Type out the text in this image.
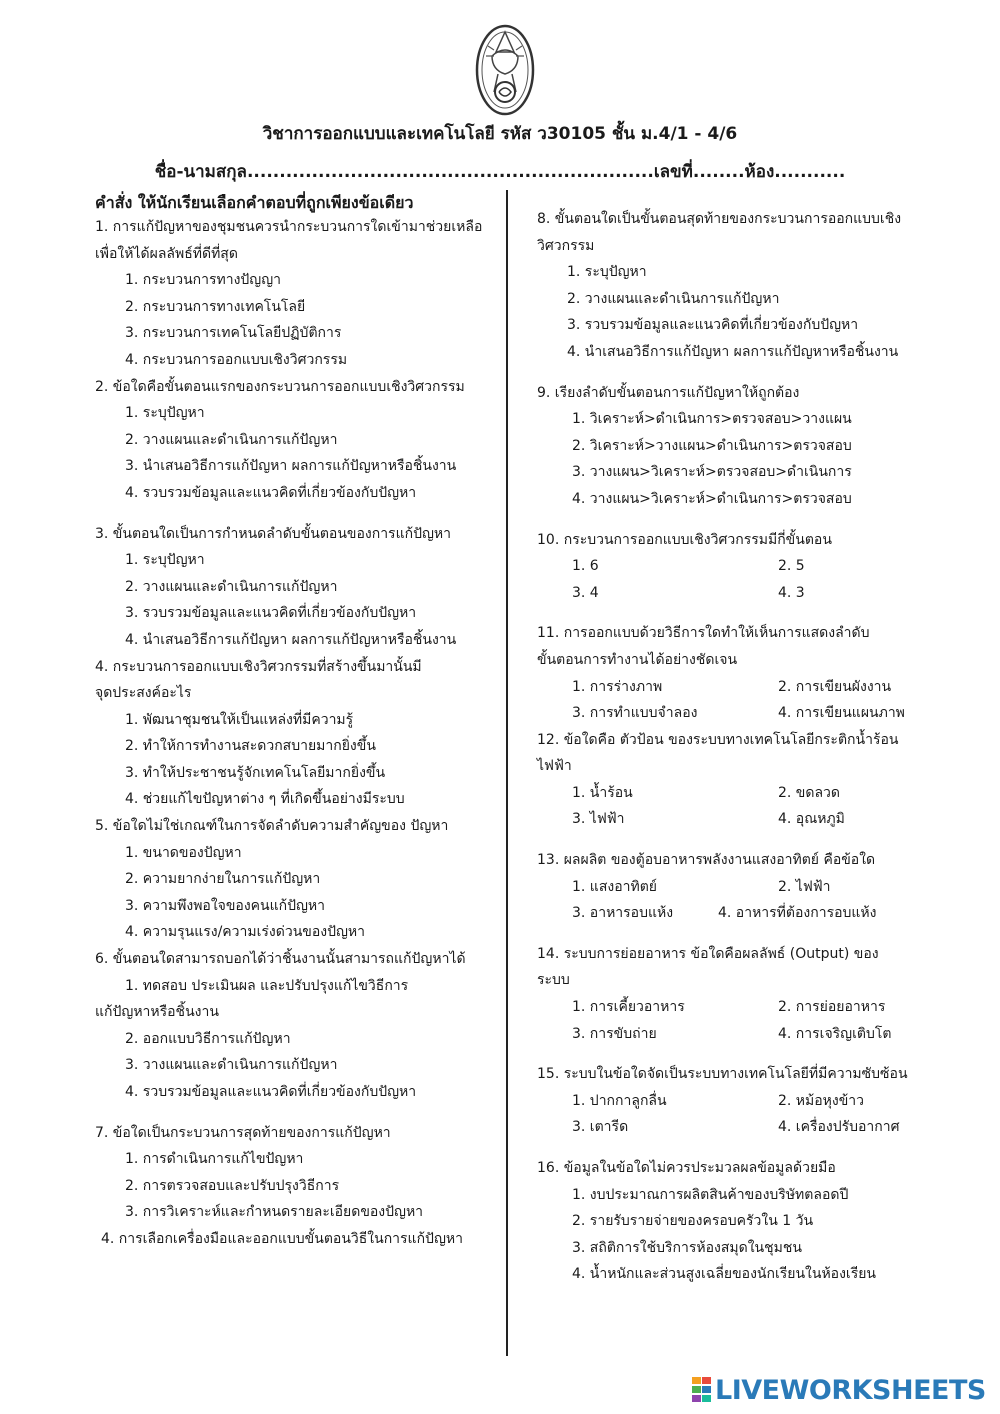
วิชาการออกแบบและเทคโนโลยี รหัส ว30105 ชั้น ม.4/1 - 4/6
ชื่อ-นามสกุล...............................................................เลขที่........ห้อง...........
คำสั่ง ให้นักเรียนเลือกคำตอบที่ถูกเพียงข้อเดียว
1. การแก้ปัญหาของชุมชนควรนำกระบวนการใดเข้ามาช่วยเหลือ
เพื่อให้ได้ผลลัพธ์ที่ดีที่สุด
1. กระบวนการทางปัญญา
2. กระบวนการทางเทคโนโลยี
3. กระบวนการเทคโนโลยีปฏิบัติการ
4. กระบวนการออกแบบเชิงวิศวกรรม
2. ข้อใดคือขั้นตอนแรกของกระบวนการออกแบบเชิงวิศวกรรม
1. ระบุปัญหา
2. วางแผนและดำเนินการแก้ปัญหา
3. นำเสนอวิธีการแก้ปัญหา ผลการแก้ปัญหาหรือชิ้นงาน
4. รวบรวมข้อมูลและแนวคิดที่เกี่ยวข้องกับปัญหา
3. ขั้นตอนใดเป็นการกำหนดลำดับขั้นตอนของการแก้ปัญหา
1. ระบุปัญหา
2. วางแผนและดำเนินการแก้ปัญหา
3. รวบรวมข้อมูลและแนวคิดที่เกี่ยวข้องกับปัญหา
4. นำเสนอวิธีการแก้ปัญหา ผลการแก้ปัญหาหรือชิ้นงาน
4. กระบวนการออกแบบเชิงวิศวกรรมที่สร้างขึ้นมานั้นมี
จุดประสงค์อะไร
1. พัฒนาชุมชนให้เป็นแหล่งที่มีความรู้
2. ทำให้การทำงานสะดวกสบายมากยิ่งขึ้น
3. ทำให้ประชาชนรู้จักเทคโนโลยีมากยิ่งขึ้น
4. ช่วยแก้ไขปัญหาต่าง ๆ ที่เกิดขึ้นอย่างมีระบบ
5. ข้อใดไม่ใช่เกณฑ์ในการจัดลำดับความสำคัญของ ปัญหา
1. ขนาดของปัญหา
2. ความยากง่ายในการแก้ปัญหา
3. ความพึงพอใจของคนแก้ปัญหา
4. ความรุนแรง/ความเร่งด่วนของปัญหา
6. ขั้นตอนใดสามารถบอกได้ว่าชิ้นงานนั้นสามารถแก้ปัญหาได้
1. ทดสอบ ประเมินผล และปรับปรุงแก้ไขวิธีการ
แก้ปัญหาหรือชิ้นงาน
2. ออกแบบวิธีการแก้ปัญหา
3. วางแผนและดำเนินการแก้ปัญหา
4. รวบรวมข้อมูลและแนวคิดที่เกี่ยวข้องกับปัญหา
7. ข้อใดเป็นกระบวนการสุดท้ายของการแก้ปัญหา
1. การดำเนินการแก้ไขปัญหา
2. การตรวจสอบและปรับปรุงวิธีการ
3. การวิเคราะห์และกำหนดรายละเอียดของปัญหา
4. การเลือกเครื่องมือและออกแบบขั้นตอนวิธีในการแก้ปัญหา
8. ขั้นตอนใดเป็นขั้นตอนสุดท้ายของกระบวนการออกแบบเชิง
วิศวกรรม
1. ระบุปัญหา
2. วางแผนและดำเนินการแก้ปัญหา
3. รวบรวมข้อมูลและแนวคิดที่เกี่ยวข้องกับปัญหา
4. นำเสนอวิธีการแก้ปัญหา ผลการแก้ปัญหาหรือชิ้นงาน
9. เรียงลำดับขั้นตอนการแก้ปัญหาให้ถูกต้อง
1. วิเคราะห์>ดำเนินการ>ตรวจสอบ>วางแผน
2. วิเคราะห์>วางแผน>ดำเนินการ>ตรวจสอบ
3. วางแผน>วิเคราะห์>ตรวจสอบ>ดำเนินการ
4. วางแผน>วิเคราะห์>ดำเนินการ>ตรวจสอบ
10. กระบวนการออกแบบเชิงวิศวกรรมมีกี่ขั้นตอน
1. 6	2. 5
3. 4	4. 3
11. การออกแบบด้วยวิธีการใดทำให้เห็นการแสดงลำดับ
ขั้นตอนการทำงานได้อย่างชัดเจน
1. การร่างภาพ	2. การเขียนผังงาน
3. การทำแบบจำลอง	4. การเขียนแผนภาพ
12. ข้อใดคือ ตัวป้อน ของระบบทางเทคโนโลยีกระติกน้ำร้อน
ไฟฟ้า
1. น้ำร้อน	2. ขดลวด
3. ไฟฟ้า	4. อุณหภูมิ
13. ผลผลิต ของตู้อบอาหารพลังงานแสงอาทิตย์ คือข้อใด
1. แสงอาทิตย์	2. ไฟฟ้า
3. อาหารอบแห้ง	4. อาหารที่ต้องการอบแห้ง
14. ระบบการย่อยอาหาร ข้อใดคือผลลัพธ์ (Output) ของ
ระบบ
1. การเคี้ยวอาหาร	2. การย่อยอาหาร
3. การขับถ่าย	4. การเจริญเติบโต
15. ระบบในข้อใดจัดเป็นระบบทางเทคโนโลยีที่มีความซับซ้อน
1. ปากกาลูกลื่น	2. หม้อหุงข้าว
3. เตารีด	4. เครื่องปรับอากาศ
16. ข้อมูลในข้อใดไม่ควรประมวลผลข้อมูลด้วยมือ
1. งบประมาณการผลิตสินค้าของบริษัทตลอดปี
2. รายรับรายจ่ายของครอบครัวใน 1 วัน
3. สถิติการใช้บริการห้องสมุดในชุมชน
4. น้ำหนักและส่วนสูงเฉลี่ยของนักเรียนในห้องเรียน
LIVEWORKSHEETS
